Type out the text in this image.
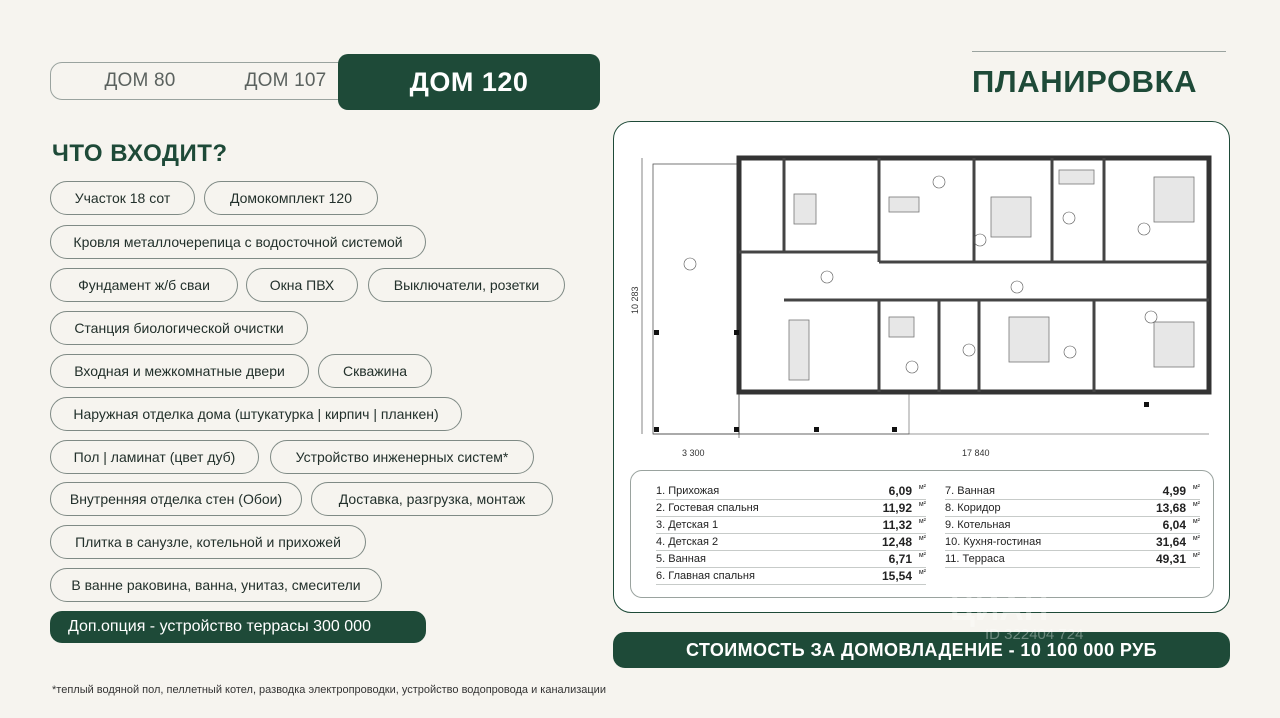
ДОМ 80	ДОМ 107	ДОМ 120	ПЛАНИРОВКА
ЧТО ВХОДИТ?
Участок 18 сот	Домокомплект 120
Кровля металлочерепица с водосточной системой
Фундамент ж/б сваи	Окна ПВХ	Выключатели, розетки
Станция биологической очистки
Входная и межкомнатные двери	Скважина
Наружная отделка дома (штукатурка | кирпич | планкен)
Пол | ламинат (цвет дуб)	Устройство инженерных систем*
Внутренняя отделка стен (Обои)	Доставка, разгрузка, монтаж
Плитка в санузле, котельной и прихожей
В ванне раковина, ванна, унитаз, смесители
Доп.опция - устройство террасы 300 000
*теплый водяной пол, пеллетный котел, разводка электропроводки, устройство водопровода и канализации
3 300	17 840
10 283
1. Прихожая	6,09 м²
2. Гостевая спальня	11,92 м²
3. Детская 1	11,32 м²
4. Детская 2	12,48 м²
5. Ванная	6,71 м²
6. Главная спальня	15,54 м²
7. Ванная	4,99 м²
8. Коридор	13,68 м²
9. Котельная	6,04 м²
10. Кухня-гостиная	31,64 м²
11. Терраса	49,31 м²
СТОИМОСТЬ ЗА ДОМОВЛАДЕНИЕ - 10 100 000 РУБ
ЦИАН
ID 322404 724
